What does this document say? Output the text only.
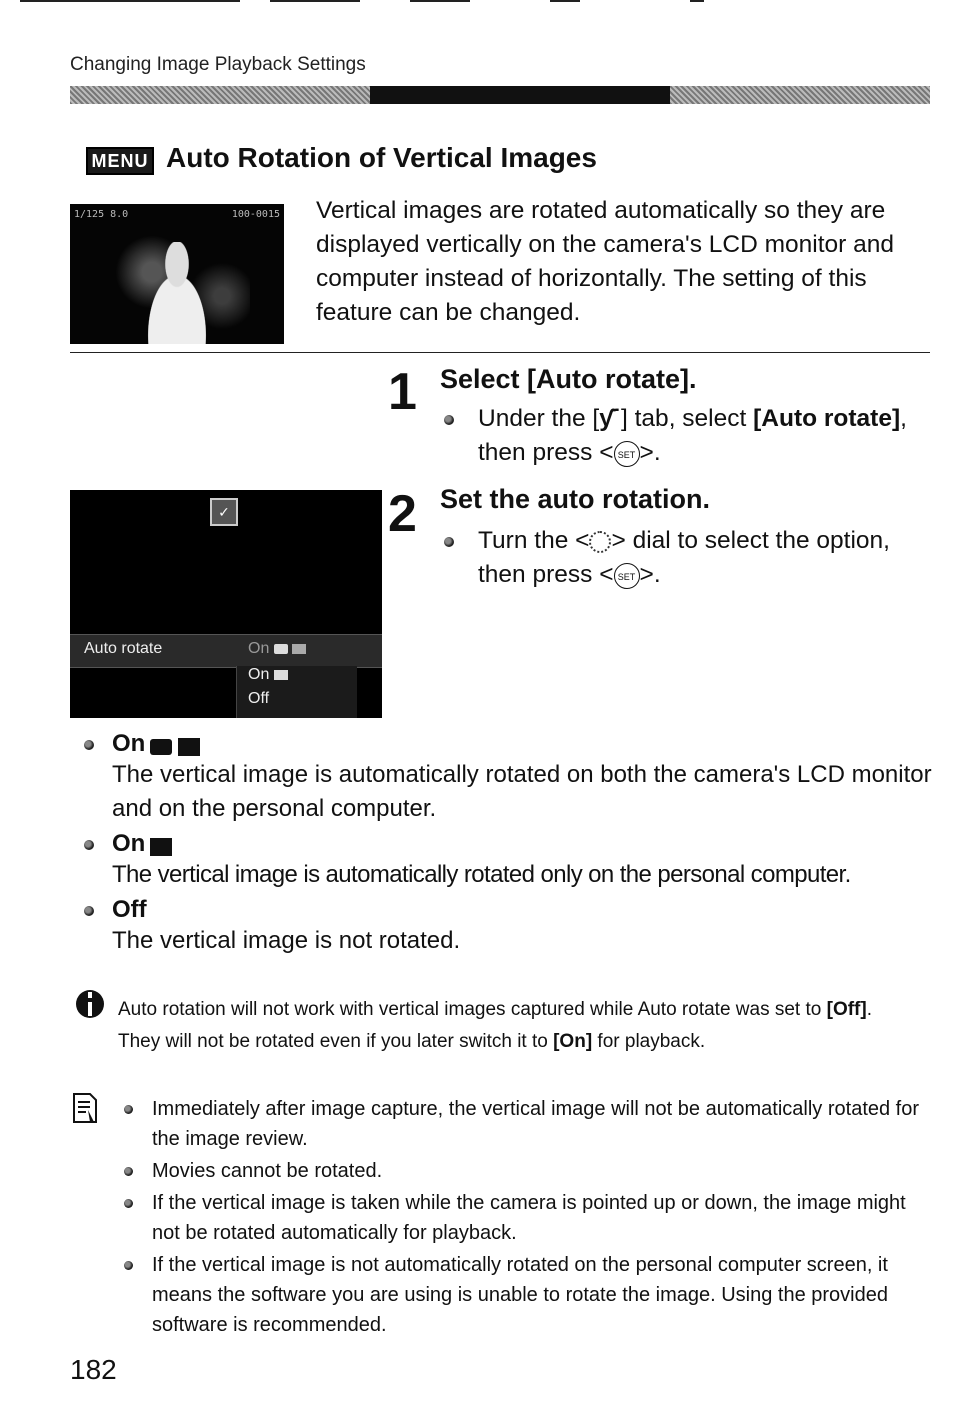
Changing Image Playback Settings
MENU Auto Rotation of Vertical Images
1/125 8.0	100-0015 Vertical images are rotated automatically so they are displayed vertically on the camera's LCD monitor and computer instead of horizontally. The setting of this feature can be changed.
1 Select [Auto rotate].
Under the [ƴ˙] tab, select [Auto rotate], then press < SET >.
2 Set the auto rotation.
Turn the < > dial to select the option, then press < SET >.
✓
Auto rotate	On
On
Off
On
The vertical image is automatically rotated on both the camera's LCD monitor and on the personal computer.
On
The vertical image is automatically rotated only on the personal computer.
Off
The vertical image is not rotated.
Auto rotation will not work with vertical images captured while Auto rotate was set to [Off]. They will not be rotated even if you later switch it to [On] for playback.
Immediately after image capture, the vertical image will not be automatically rotated for the image review.
Movies cannot be rotated.
If the vertical image is taken while the camera is pointed up or down, the image might not be rotated automatically for playback.
If the vertical image is not automatically rotated on the personal computer screen, it means the software you are using is unable to rotate the image. Using the provided software is recommended.
182
